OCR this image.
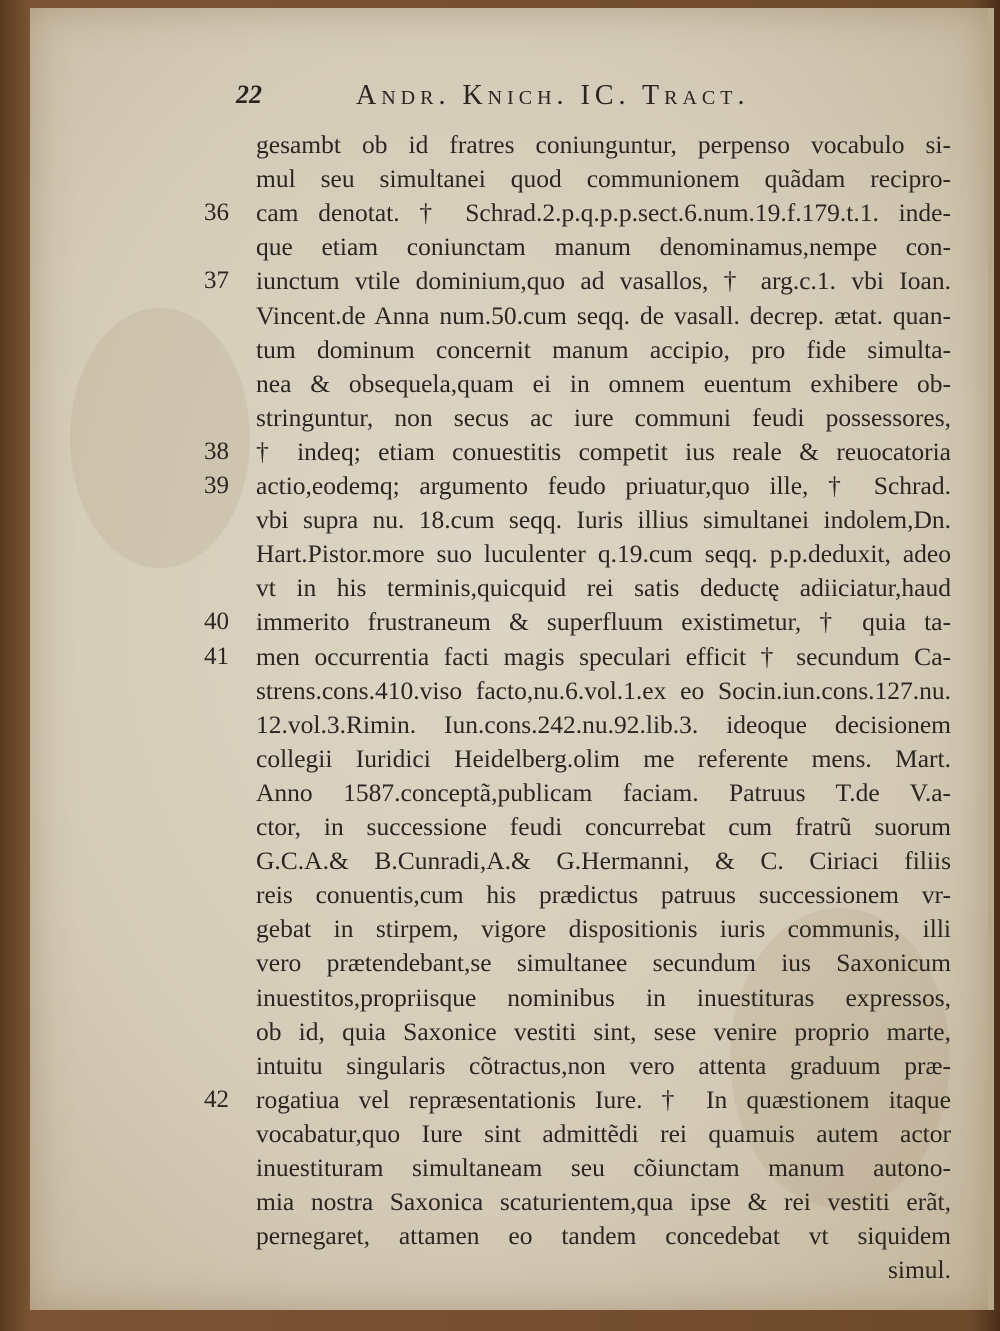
22	Andr. Knich. IC. Tract.
gesambt ob id fratres coniunguntur, perpenso vocabulo si-
mul seu simultanei quod communionem quãdam recipro-
cam denotat. † Schrad.2.p.q.p.p.sect.6.num.19.f.179.t.1. inde-
que etiam coniunctam manum denominamus,nempe con-
iunctum vtile dominium,quo ad vasallos, † arg.c.1. vbi Ioan.
Vincent.de Anna num.50.cum seqq. de vasall. decrep. ætat. quan-
tum dominum concernit manum accipio, pro fide simulta-
nea & obsequela,quam ei in omnem euentum exhibere ob-
stringuntur, non secus ac iure communi feudi possessores,
† indeq; etiam conuestitis competit ius reale & reuocatoria
actio,eodemq; argumento feudo priuatur,quo ille, † Schrad.
vbi supra nu. 18.cum seqq. Iuris illius simultanei indolem,Dn.
Hart.Pistor.more suo luculenter q.19.cum seqq. p.p.deduxit, adeo
vt in his terminis,quicquid rei satis deductę adiiciatur,haud
immerito frustraneum & superfluum existimetur, † quia ta-
men occurrentia facti magis speculari efficit † secundum Ca-
strens.cons.410.viso facto,nu.6.vol.1.ex eo Socin.iun.cons.127.nu.
12.vol.3.Rimin. Iun.cons.242.nu.92.lib.3. ideoque decisionem
collegii Iuridici Heidelberg.olim me referente mens. Mart.
Anno 1587.conceptã,publicam faciam. Patruus T.de V.a-
ctor, in successione feudi concurrebat cum fratrũ suorum
G.C.A.& B.Cunradi,A.& G.Hermanni, & C. Ciriaci filiis
reis conuentis,cum his prædictus patruus successionem vr-
gebat in stirpem, vigore dispositionis iuris communis, illi
vero prætendebant,se simultanee secundum ius Saxonicum
inuestitos,propriisque nominibus in inuestituras expressos,
ob id, quia Saxonice vestiti sint, sese venire proprio marte,
intuitu singularis cõtractus,non vero attenta graduum præ-
rogatiua vel repræsentationis Iure. † In quæstionem itaque
vocabatur,quo Iure sint admittẽdi rei quamuis autem actor
inuestituram simultaneam seu cõiunctam manum autono-
mia nostra Saxonica scaturientem,qua ipse & rei vestiti erãt,
pernegaret, attamen eo tandem concedebat vt siquidem
simul.
36
37
38
39
40
41
42
